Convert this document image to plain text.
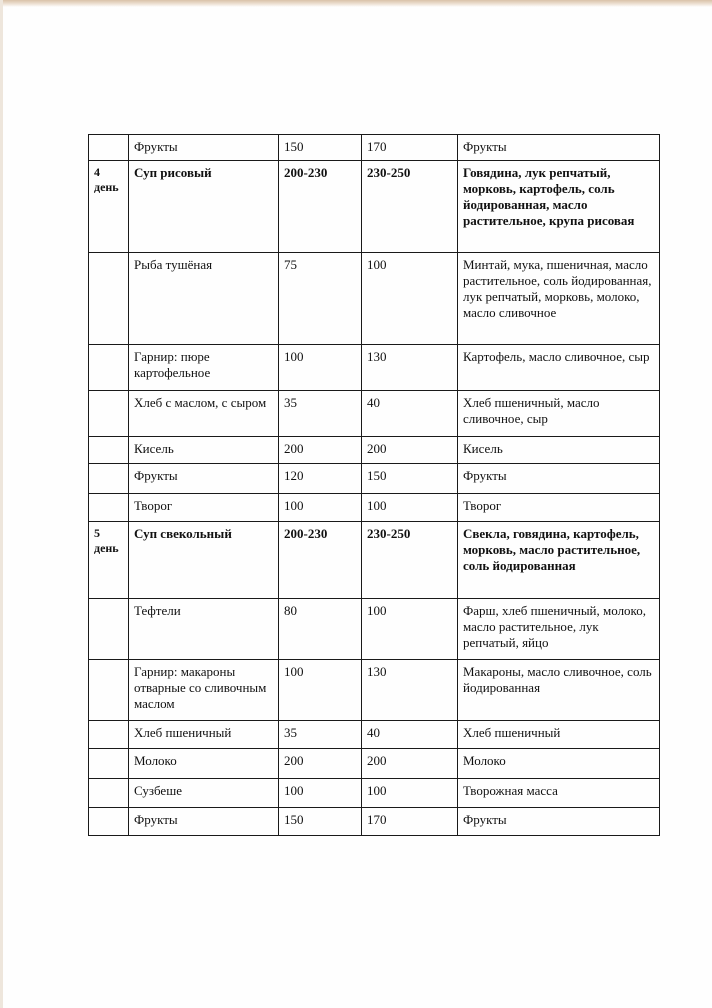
	Фрукты	150	170	Фрукты

4
день	Суп рисовый	200-230	230-250	Говядина, лук репчатый, морковь, картофель, соль йодированная, масло растительное, крупа рисовая

	Рыба тушёная	75	100	Минтай, мука, пшеничная, масло растительное, соль йодированная, лук репчатый, морковь, молоко, масло сливочное

	Гарнир: пюре картофельное	100	130	Картофель, масло сливочное, сыр

	Хлеб с маслом, с сыром	35	40	Хлеб пшеничный, масло сливочное, сыр

	Кисель	200	200	Кисель

	Фрукты	120	150	Фрукты

	Творог	100	100	Творог

5
день	Суп свекольный	200-230	230-250	Свекла, говядина, картофель, морковь, масло растительное, соль йодированная

	Тефтели	80	100	Фарш, хлеб пшеничный, молоко, масло растительное, лук репчатый, яйцо

	Гарнир: макароны отварные со сливочным маслом	100	130	Макароны, масло сливочное, соль йодированная

	Хлеб пшеничный	35	40	Хлеб пшеничный

	Молоко	200	200	Молоко

	Сузбеше	100	100	Творожная масса

	Фрукты	150	170	Фрукты
